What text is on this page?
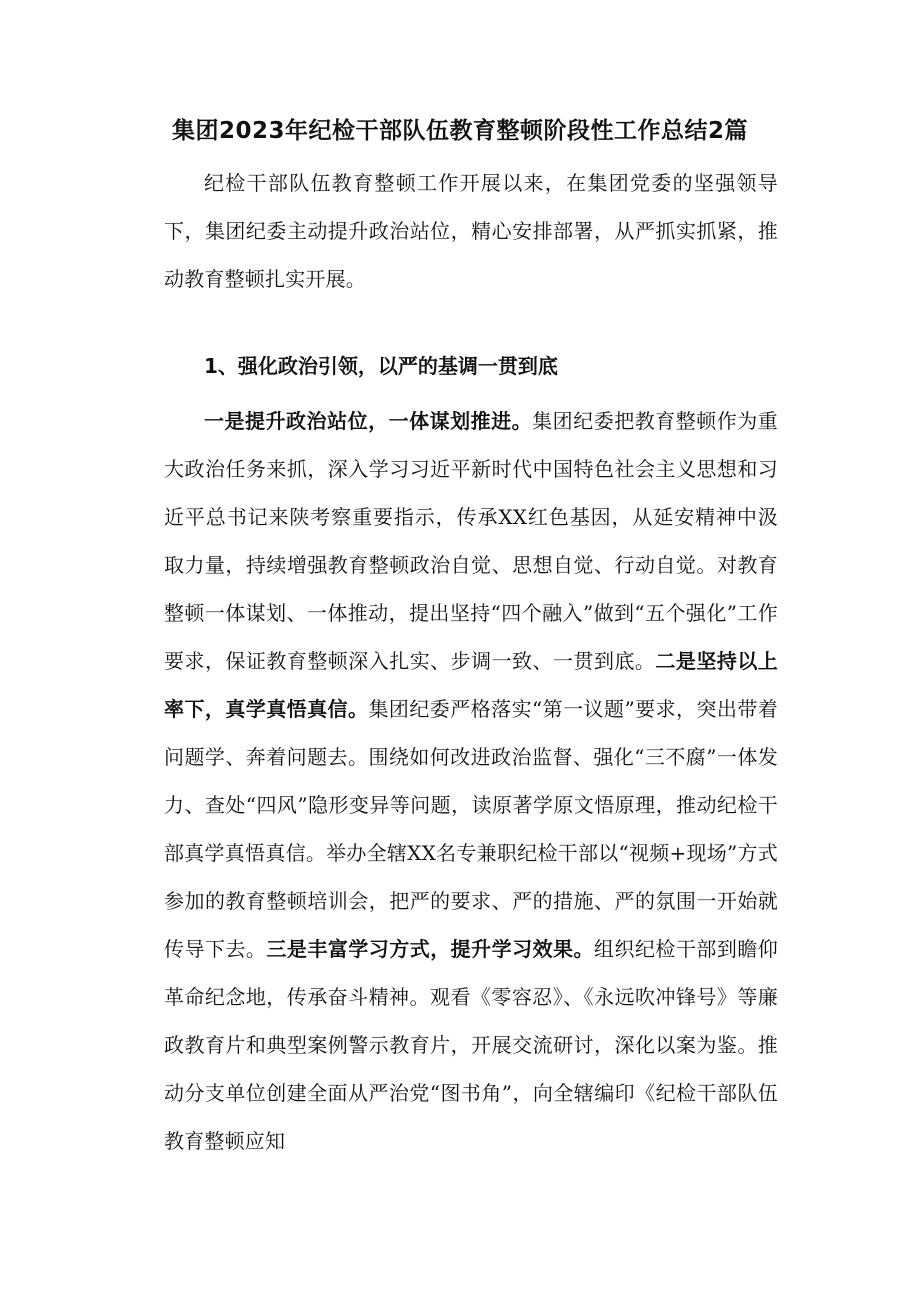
集团2023年纪检干部队伍教育整顿阶段性工作总结2篇
纪检干部队伍教育整顿工作开展以来，在集团党委的坚强领导下，集团纪委主动提升政治站位，精心安排部署，从严抓实抓紧，推动教育整顿扎实开展。
1、强化政治引领，以严的基调一贯到底
一是提升政治站位，一体谋划推进。集团纪委把教育整顿作为重大政治任务来抓，深入学习习近平新时代中国特色社会主义思想和习近平总书记来陕考察重要指示，传承XX红色基因，从延安精神中汲取力量，持续增强教育整顿政治自觉、思想自觉、行动自觉。对教育整顿一体谋划、一体推动，提出坚持“四个融入”做到“五个强化”工作要求，保证教育整顿深入扎实、步调一致、一贯到底。二是坚持以上率下，真学真悟真信。集团纪委严格落实“第一议题”要求，突出带着问题学、奔着问题去。围绕如何改进政治监督、强化“三不腐”一体发力、查处“四风”隐形变异等问题，读原著学原文悟原理，推动纪检干部真学真悟真信。举办全辖XX名专兼职纪检干部以“视频+现场”方式参加的教育整顿培训会，把严的要求、严的措施、严的氛围一开始就传导下去。三是丰富学习方式，提升学习效果。组织纪检干部到瞻仰革命纪念地，传承奋斗精神。观看《零容忍》、《永远吹冲锋号》等廉政教育片和典型案例警示教育片，开展交流研讨，深化以案为鉴。推动分支单位创建全面从严治党“图书角”，向全辖编印《纪检干部队伍教育整顿应知
